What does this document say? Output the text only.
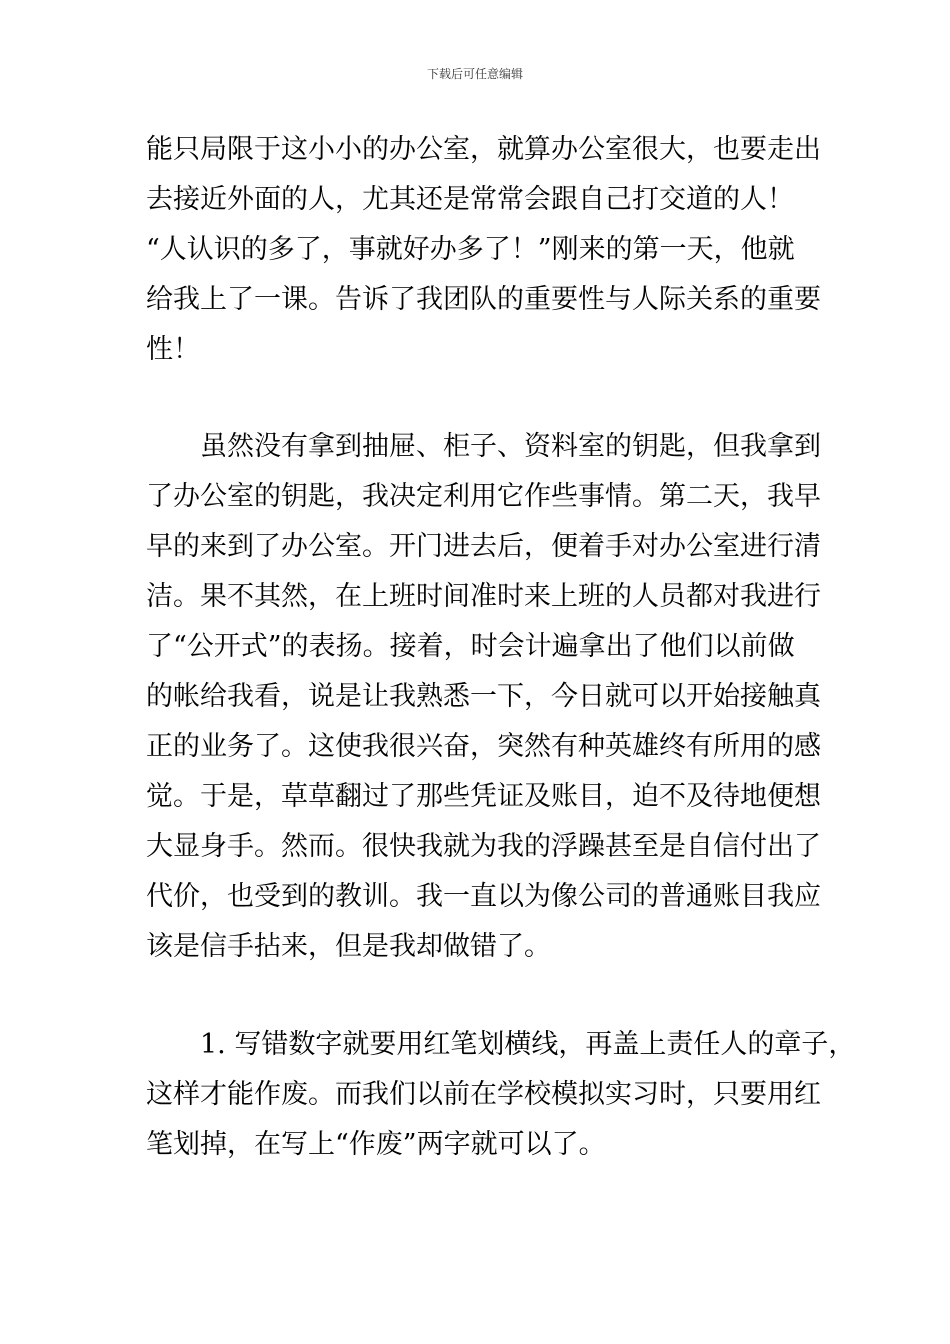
下载后可任意编辑
能只局限于这小小的办公室，就算办公室很大，也要走出
去接近外面的人，尤其还是常常会跟自己打交道的人！
“人认识的多了，事就好办多了！”刚来的第一天，他就
给我上了一课。告诉了我团队的重要性与人际关系的重要
性！
虽然没有拿到抽屉、柜子、资料室的钥匙，但我拿到
了办公室的钥匙，我决定利用它作些事情。第二天，我早
早的来到了办公室。开门进去后，便着手对办公室进行清
洁。果不其然，在上班时间准时来上班的人员都对我进行
了“公开式”的表扬。接着，时会计遍拿出了他们以前做
的帐给我看，说是让我熟悉一下，今日就可以开始接触真
正的业务了。这使我很兴奋，突然有种英雄终有所用的感
觉。于是，草草翻过了那些凭证及账目，迫不及待地便想
大显身手。然而。很快我就为我的浮躁甚至是自信付出了
代价，也受到的教训。我一直以为像公司的普通账目我应
该是信手拈来，但是我却做错了。
1. 写错数字就要用红笔划横线，再盖上责任人的章子，
这样才能作废。而我们以前在学校模拟实习时，只要用红
笔划掉，在写上“作废”两字就可以了。
